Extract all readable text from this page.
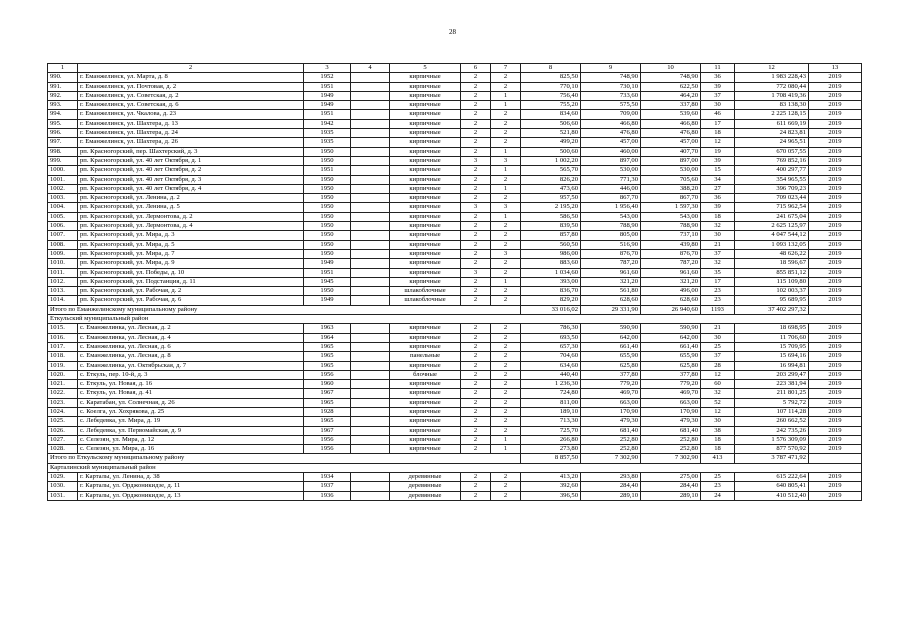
28
1	2	3	4	5	6	7	8	9	10	11	12	13
990.	г. Еманжелинск, ул. Марта, д. 8	1952		кирпичные	2	2	825,50	748,90	748,90	36	1 983 228,43	2019
991.	г. Еманжелинск, ул. Почтовая, д. 2	1951		кирпичные	2	2	770,10	730,10	622,50	39	772 080,44	2019
992.	г. Еманжелинск, ул. Советская, д. 2	1949		кирпичные	2	1	756,40	733,60	464,20	37	1 708 419,36	2019
993.	г. Еманжелинск, ул. Советская, д. 6	1949		кирпичные	2	1	755,20	575,50	337,80	30	83 138,30	2019
994.	г. Еманжелинск, ул. Чкалова, д. 23	1951		кирпичные	2	2	834,60	709,00	539,60	46	2 225 128,15	2019
995.	г. Еманжелинск, ул. Шахтера, д. 13	1942		кирпичные	2	2	506,60	466,80	466,80	17	611 669,19	2019
996.	г. Еманжелинск, ул. Шахтера, д. 24	1935		кирпичные	2	2	521,80	476,80	476,80	18	24 823,81	2019
997.	г. Еманжелинск, ул. Шахтера, д. 26	1935		кирпичные	2	2	499,20	457,00	457,00	12	24 965,51	2019
998.	рп. Красногорский, пер. Шахтерский, д. 3	1950		кирпичные	2	1	500,60	460,00	407,70	19	670 057,55	2019
999.	рп. Красногорский, ул. 40 лет Октября, д. 1	1950		кирпичные	3	3	1 002,20	897,00	897,00	39	769 852,16	2019
1000.	рп. Красногорский, ул. 40 лет Октября, д. 2	1951		кирпичные	2	1	565,70	530,00	530,00	15	400 297,77	2019
1001.	рп. Красногорский, ул. 40 лет Октября, д. 3	1950		кирпичные	2	2	826,20	771,30	705,60	34	354 965,55	2019
1002.	рп. Красногорский, ул. 40 лет Октября, д. 4	1950		кирпичные	2	1	473,60	446,00	388,20	27	396 709,23	2019
1003.	рп. Красногорский, ул. Ленина, д. 2	1950		кирпичные	2	2	957,50	867,70	867,70	36	709 023,44	2019
1004.	рп. Красногорский, ул. Ленина, д. 5	1950		кирпичные	3	3	2 195,20	1 956,40	1 597,30	39	715 962,54	2019
1005.	рп. Красногорский, ул. Лермонтова, д. 2	1950		кирпичные	2	1	586,50	543,00	543,00	18	241 675,04	2019
1006.	рп. Красногорский, ул. Лермонтова, д. 4	1950		кирпичные	2	2	839,50	788,90	788,90	32	2 625 125,97	2019
1007.	рп. Красногорский, ул. Мира, д. 3	1950		кирпичные	2	2	857,80	805,00	737,10	30	4 047 544,12	2019
1008.	рп. Красногорский, ул. Мира, д. 5	1950		кирпичные	2	2	560,50	516,90	439,80	21	1 093 132,05	2019
1009.	рп. Красногорский, ул. Мира, д. 7	1950		кирпичные	2	3	986,00	876,70	876,70	37	48 626,22	2019
1010.	рп. Красногорский, ул. Мира, д. 9	1949		кирпичные	2	2	883,60	787,20	787,20	32	18 596,67	2019
1011.	рп. Красногорский, ул. Победы, д. 10	1951		кирпичные	3	2	1 034,60	961,60	961,60	35	855 851,12	2019
1012.	рп. Красногорский, ул. Подстанция, д. 11	1945		кирпичные	2	1	393,00	321,20	321,20	17	115 109,80	2019
1013.	рп. Красногорский, ул. Рабочая, д. 2	1950		шлакоблочные	2	2	836,70	561,80	496,00	23	102 003,37	2019
1014.	рп. Красногорский, ул. Рабочая, д. 6	1949		шлакоблочные	2	2	829,20	628,60	628,60	23	95 689,95	2019
Итого по Еманжелинскому муниципальному району							33 016,02	29 331,90	26 940,60	1193	37 402 297,32	
Еткульский муниципальный район												
1015.	с. Еманжелинка, ул. Лесная, д. 2	1963		кирпичные	2	2	786,30	590,90	590,90	21	18 698,95	2019
1016.	с. Еманжелинка, ул. Лесная, д. 4	1964		кирпичные	2	2	693,50	642,00	642,00	30	11 706,60	2019
1017.	с. Еманжелинка, ул. Лесная, д. 6	1965		кирпичные	2	2	657,30	661,40	661,40	25	15 709,95	2019
1018.	с. Еманжелинка, ул. Лесная, д. 8	1965		панельные	2	2	704,60	655,90	655,90	37	15 694,16	2019
1019.	с. Еманжелинка, ул. Октябрьская, д. 7	1965		кирпичные	2	2	634,60	625,80	625,80	28	16 994,81	2019
1020.	с. Еткуль, пер. 10-й, д. 3	1956		блочные	2	2	440,40	377,80	377,80	12	203 299,47	2019
1021.	с. Еткуль, ул. Новая, д. 16	1960		кирпичные	2	2	1 236,30	779,20	779,20	60	223 381,94	2019
1022.	с. Еткуль, ул. Новая, д. 41	1967		кирпичные	2	2	724,80	469,70	469,70	32	211 801,25	2019
1023.	с. Каратабан, ул. Солнечная, д. 26	1965		кирпичные	2	2	811,00	663,00	663,00	52	5 792,72	2019
1024.	с. Коелга, ул. Хохрякова, д. 25	1928		кирпичные	2	2	189,10	170,90	170,90	12	107 114,28	2019
1025.	с. Лебедевка, ул. Мира, д. 19	1965		кирпичные	2	2	713,30	479,30	479,30	30	260 662,52	2019
1026.	с. Лебедевка, ул. Первомайская, д. 9	1967		кирпичные	2	2	725,70	681,40	681,40	38	242 735,26	2019
1027.	с. Селезян, ул. Мира, д. 12	1956		кирпичные	2	1	266,80	252,80	252,80	18	1 576 309,09	2019
1028.	с. Селезян, ул. Мира, д. 16	1956		кирпичные	2	1	273,80	252,80	252,80	18	877 570,92	2019
Итого по Еткульскому муниципальному району							8 857,50	7 302,90	7 302,90	413	3 787 471,92	
Карталинский муниципальный район												
1029.	г. Карталы, ул. Ленина, д. 38	1934		деревянные	2	2	413,20	293,80	275,00	25	615 222,64	2019
1030.	г. Карталы, ул. Орджоникидзе, д. 11	1937		деревянные	2	2	392,60	284,40	284,40	23	640 805,41	2019
1031.	г. Карталы, ул. Орджоникидзе, д. 13	1936		деревянные	2	2	396,50	289,10	289,10	24	410 512,40	2019
